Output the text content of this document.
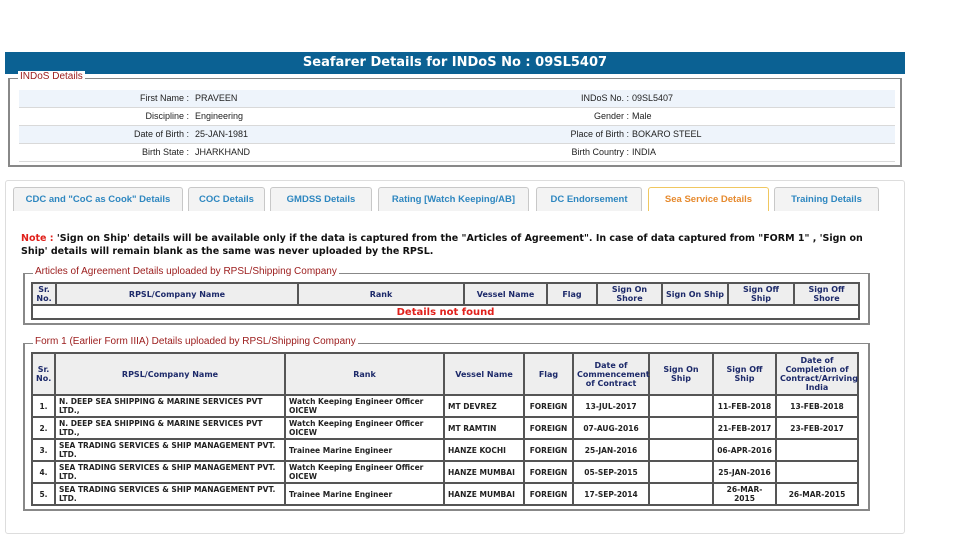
Seafarer Details for INDoS No : 09SL5407
INDoS Details
First Name : PRAVEEN	INDoS No. : 09SL5407
Discipline : Engineering	Gender : Male
Date of Birth : 25-JAN-1981	Place of Birth : BOKARO STEEL
Birth State : JHARKHAND	Birth Country : INDIA
CDC and "CoC as Cook" Details	COC Details	GMDSS Details	Rating [Watch Keeping/AB]	DC Endorsement	Sea Service Details	Training Details
Note : 'Sign on Ship' details will be available only if the data is captured from the "Articles of Agreement". In case of data captured from "FORM 1" , 'Sign on Ship' details will remain blank as the same was never uploaded by the RPSL.
Articles of Agreement Details uploaded by RPSL/Shipping Company
Sr. No.	RPSL/Company Name	Rank	Vessel Name	Flag	Sign On Shore	Sign On Ship	Sign Off Ship	Sign Off Shore
Details not found
Form 1 (Earlier Form IIIA) Details uploaded by RPSL/Shipping Company
Sr. No.	RPSL/Company Name	Rank	Vessel Name	Flag	Date of Commencement of Contract	Sign On Ship	Sign Off Ship	Date of Completion of Contract/Arriving India
1.	N. DEEP SEA SHIPPING & MARINE SERVICES PVT LTD.,	Watch Keeping Engineer Officer OICEW	MT DEVREZ	FOREIGN	13-JUL-2017		11-FEB-2018	13-FEB-2018
2.	N. DEEP SEA SHIPPING & MARINE SERVICES PVT LTD.,	Watch Keeping Engineer Officer OICEW	MT RAMTIN	FOREIGN	07-AUG-2016		21-FEB-2017	23-FEB-2017
3.	SEA TRADING SERVICES & SHIP MANAGEMENT PVT. LTD.	Trainee Marine Engineer	HANZE KOCHI	FOREIGN	25-JAN-2016		06-APR-2016	
4.	SEA TRADING SERVICES & SHIP MANAGEMENT PVT. LTD.	Watch Keeping Engineer Officer OICEW	HANZE MUMBAI	FOREIGN	05-SEP-2015		25-JAN-2016	
5.	SEA TRADING SERVICES & SHIP MANAGEMENT PVT. LTD.	Trainee Marine Engineer	HANZE MUMBAI	FOREIGN	17-SEP-2014		26-MAR-2015	26-MAR-2015
